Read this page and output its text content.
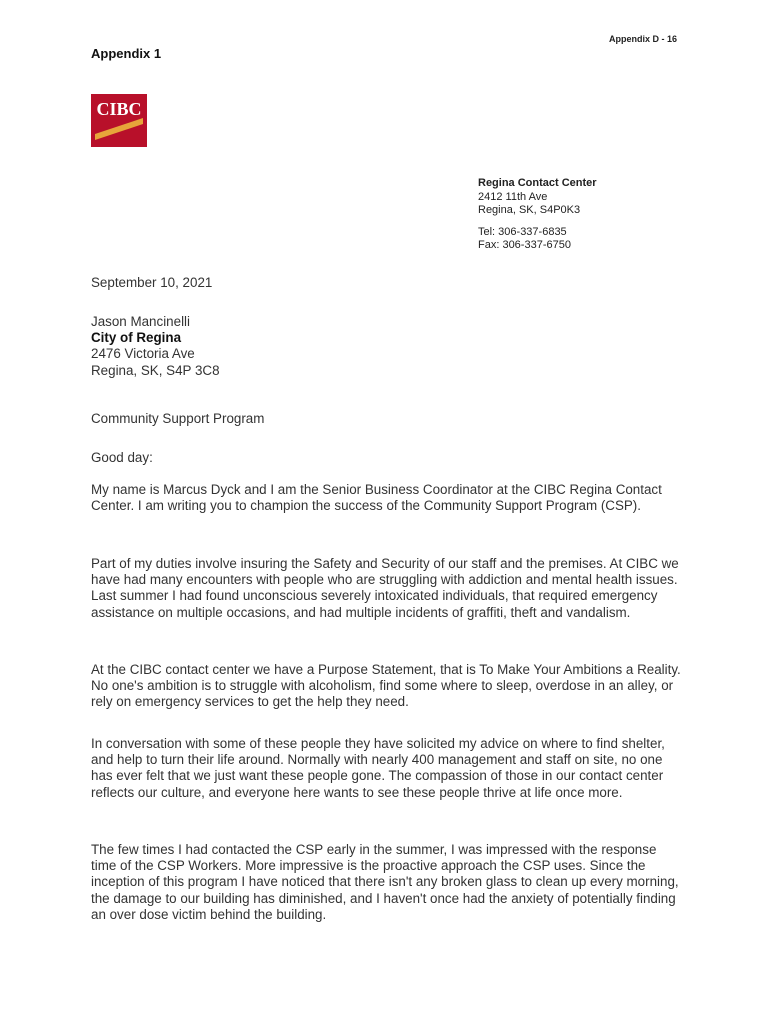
Appendix D - 16
Appendix 1
CIBC
Regina Contact Center
2412 11th Ave
Regina, SK, S4P0K3
Tel: 306-337-6835
Fax: 306-337-6750
September 10, 2021
Jason Mancinelli
City of Regina
2476 Victoria Ave
Regina, SK, S4P 3C8
Community Support Program
Good day:

My name is Marcus Dyck and I am the Senior Business Coordinator at the CIBC Regina Contact Center. I am writing you to champion the success of the Community Support Program (CSP).

Part of my duties involve insuring the Safety and Security of our staff and the premises. At CIBC we have had many encounters with people who are struggling with addiction and mental health issues. Last summer I had found unconscious severely intoxicated individuals, that required emergency assistance on multiple occasions, and had multiple incidents of graffiti, theft and vandalism.

At the CIBC contact center we have a Purpose Statement, that is To Make Your Ambitions a Reality. No one's ambition is to struggle with alcoholism, find some where to sleep, overdose in an alley, or rely on emergency services to get the help they need.

In conversation with some of these people they have solicited my advice on where to find shelter, and help to turn their life around. Normally with nearly 400 management and staff on site, no one has ever felt that we just want these people gone. The compassion of those in our contact center reflects our culture, and everyone here wants to see these people thrive at life once more.

The few times I had contacted the CSP early in the summer, I was impressed with the response time of the CSP Workers. More impressive is the proactive approach the CSP uses. Since the inception of this program I have noticed that there isn't any broken glass to clean up every morning, the damage to our building has diminished, and I haven't once had the anxiety of potentially finding an over dose victim behind the building.
